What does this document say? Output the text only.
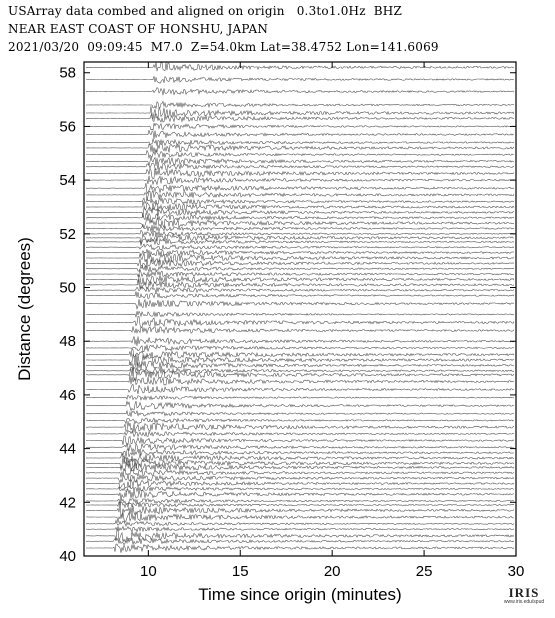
USArray data combed and aligned on origin   0.3to1.0Hz  BHZ
NEAR EAST COAST OF HONSHU, JAPAN
2021/03/20  09:09:45  M7.0  Z=54.0km Lat=38.4752 Lon=141.6069
10	15	20	25	30
40
42
44
46
48
50
52
54
56
58
Time since origin (minutes)
Distance (degrees)
IRIS
www.iris.edu/spud
